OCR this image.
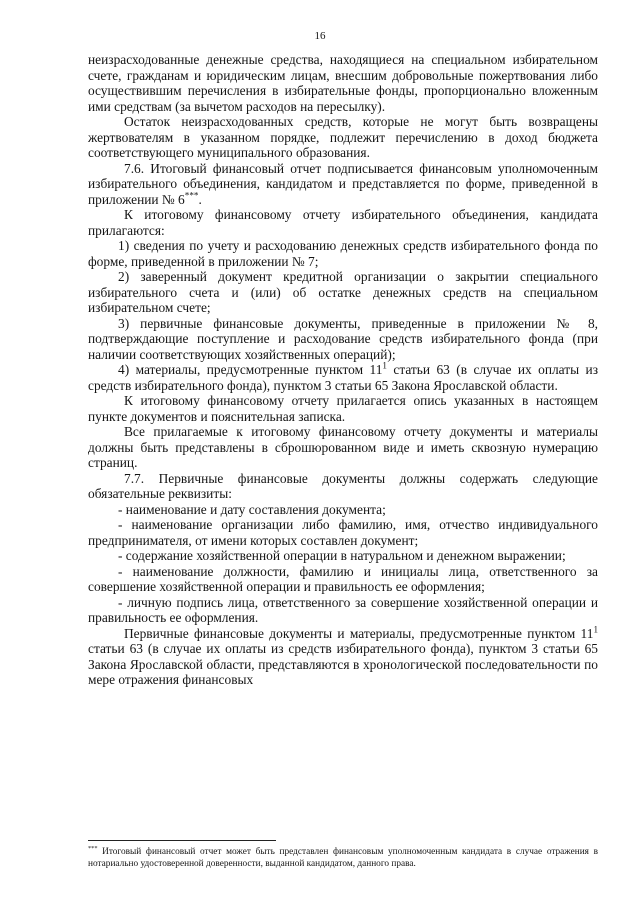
16

неизрасходованные денежные средства, находящиеся на специальном избирательном счете, гражданам и юридическим лицам, внесшим добровольные пожертвования либо осуществившим перечисления в избирательные фонды, пропорционально вложенным ими средствам (за вычетом расходов на пересылку).

Остаток неизрасходованных средств, которые не могут быть возвращены жертвователям в указанном порядке, подлежит перечислению в доход бюджета соответствующего муниципального образования.

7.6. Итоговый финансовый отчет подписывается финансовым уполномоченным избирательного объединения, кандидатом и представляется по форме, приведенной в приложении № 6***.

К итоговому финансовому отчету избирательного объединения, кандидата прилагаются:

1) сведения по учету и расходованию денежных средств избирательного фонда по форме, приведенной в приложении № 7;

2) заверенный документ кредитной организации о закрытии специального избирательного счета и (или) об остатке денежных средств на специальном избирательном счете;

3) первичные финансовые документы, приведенные в приложении № 8, подтверждающие поступление и расходование средств избирательного фонда (при наличии соответствующих хозяйственных операций);

4) материалы, предусмотренные пунктом $11^1$ статьи 63 (в случае их оплаты из средств избирательного фонда), пунктом 3 статьи 65 Закона Ярославской области.

К итоговому финансовому отчету прилагается опись указанных в настоящем пункте документов и пояснительная записка.

Все прилагаемые к итоговому финансовому отчету документы и материалы должны быть представлены в сброшюрованном виде и иметь сквозную нумерацию страниц.

7.7. Первичные финансовые документы должны содержать следующие обязательные реквизиты:

- наименование и дату составления документа;

- наименование организации либо фамилию, имя, отчество индивидуального предпринимателя, от имени которых составлен документ;

- содержание хозяйственной операции в натуральном и денежном выражении;

- наименование должности, фамилию и инициалы лица, ответственного за совершение хозяйственной операции и правильность ее оформления;

- личную подпись лица, ответственного за совершение хозяйственной операции и правильность ее оформления.

Первичные финансовые документы и материалы, предусмотренные пунктом $11^1$ статьи 63 (в случае их оплаты из средств избирательного фонда), пунктом 3 статьи 65 Закона Ярославской области, представляются в хронологической последовательности по мере отражения финансовых

*** Итоговый финансовый отчет может быть представлен финансовым уполномоченным кандидата в случае отражения в нотариально удостоверенной доверенности, выданной кандидатом, данного права.
